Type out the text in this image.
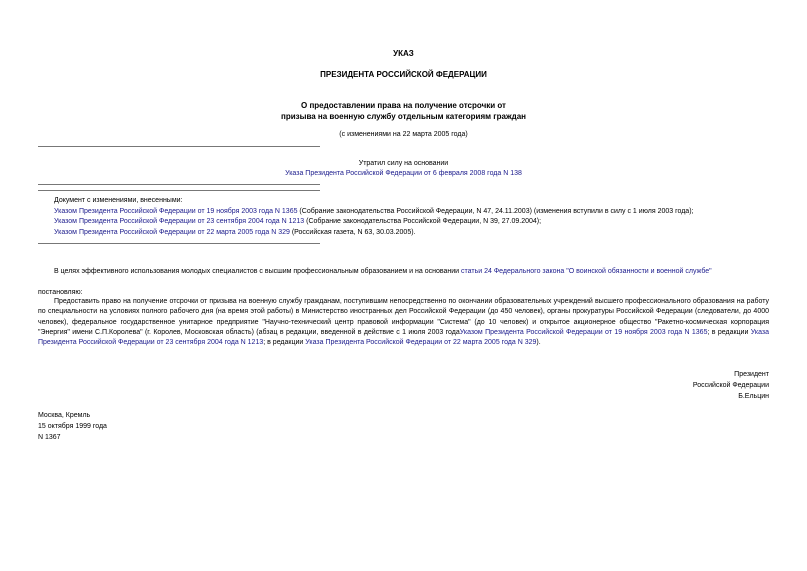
УКАЗ
ПРЕЗИДЕНТА РОССИЙСКОЙ ФЕДЕРАЦИИ
О предоставлении права на получение отсрочки от
призыва на военную службу отдельным категориям граждан
(с изменениями на 22 марта 2005 года)
Утратил силу на основании
Указа Президента Российской Федерации от 6 февраля 2008 года N 138
Документ с изменениями, внесенными:
Указом Президента Российской Федерации от 19 ноября 2003 года N 1365 (Собрание законодательства Российской Федерации, N 47, 24.11.2003) (изменения вступили в силу с 1 июля 2003 года);
Указом Президента Российской Федерации от 23 сентября 2004 года N 1213 (Собрание законодательства Российской Федерации, N 39, 27.09.2004);
Указом Президента Российской Федерации от 22 марта 2005 года N 329 (Российская газета, N 63, 30.03.2005).
В целях эффективного использования молодых специалистов с высшим профессиональным образованием и на основании статьи 24 Федерального закона "О воинской обязанности и военной службе"
постановляю:
Предоставить право на получение отсрочки от призыва на военную службу гражданам, поступившим непосредственно по окончании образовательных учреждений высшего профессионального образования на работу по специальности на условиях полного рабочего дня (на время этой работы) в Министерство иностранных дел Российской Федерации (до 450 человек), органы прокуратуры Российской Федерации (следователи, до 4000 человек), федеральное государственное унитарное предприятие "Научно-технический центр правовой информации "Система" (до 10 человек) и открытое акционерное общество "Ракетно-космическая корпорация "Энергия" имени С.П.Королева" (г. Королев, Московская область) (абзац в редакции, введенной в действие с 1 июля 2003 годаУказом Президента Российской Федерации от 19 ноября 2003 года N 1365; в редакции Указа Президента Российской Федерации от 23 сентября 2004 года N 1213; в редакции Указа Президента Российской Федерации от 22 марта 2005 года N 329).
Президент
Российской Федерации
Б.Ельцин
Москва, Кремль
15 октября 1999 года
N 1367
